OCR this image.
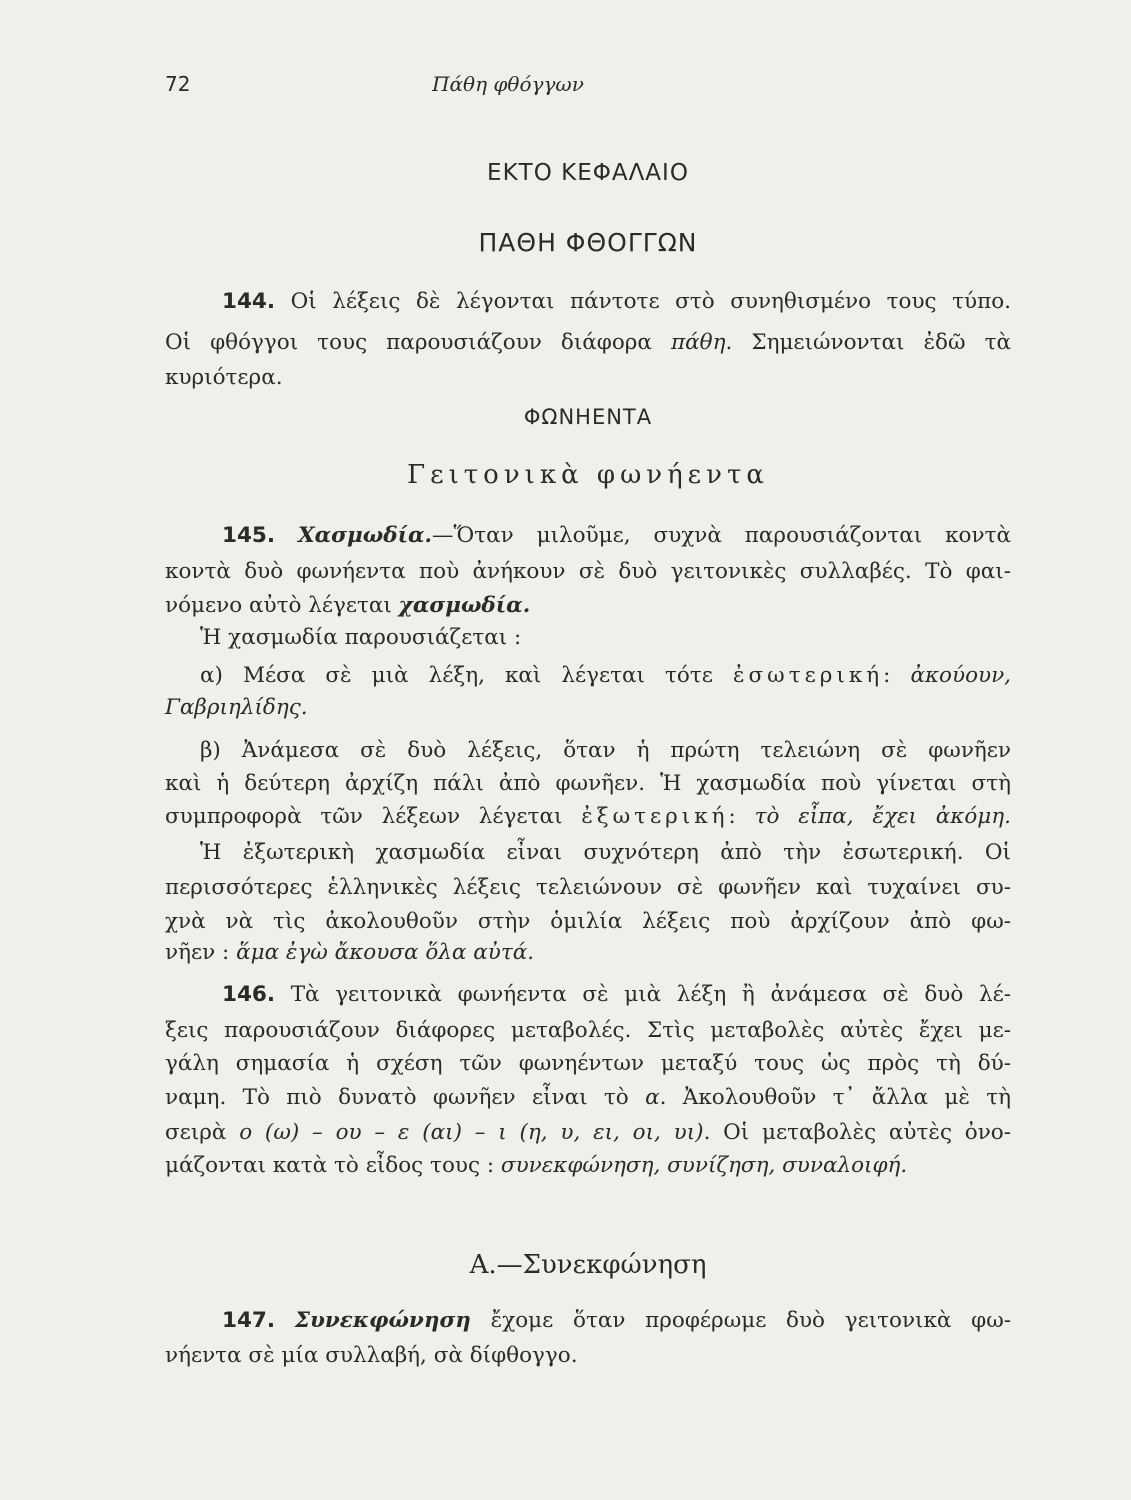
72	Πάθη φθόγγων
ΕΚΤΟ ΚΕΦΑΛΑΙΟ
ΠΑΘΗ ΦΘΟΓΓΩΝ
144. Οἱ λέξεις δὲ λέγονται πάντοτε στὸ συνηθισμένο τους τύπο.
Οἱ φθόγγοι τους παρουσιάζουν διάφορα πάθη. Σημειώνονται ἐδῶ τὰ
κυριότερα.
ΦΩΝΗΕΝΤΑ
Γειτονικὰ φωνήεντα
145. Χασμωδία.—Ὅταν μιλοῦμε, συχνὰ παρουσιάζονται κοντὰ
κοντὰ δυὸ φωνήεντα ποὺ ἀνήκουν σὲ δυὸ γειτονικὲς συλλαβές. Τὸ φαι-
νόμενο αὐτὸ λέγεται χασμωδία.
Ἡ χασμωδία παρουσιάζεται :
α) Μέσα σὲ μιὰ λέξη, καὶ λέγεται τότε ἐσωτερική: ἀκούουν,
Γαβριηλίδης.
β) Ἀνάμεσα σὲ δυὸ λέξεις, ὅταν ἡ πρώτη τελειώνη σὲ φωνῆεν
καὶ ἡ δεύτερη ἀρχίζη πάλι ἀπὸ φωνῆεν. Ἡ χασμωδία ποὺ γίνεται στὴ
συμπροφορὰ τῶν λέξεων λέγεται ἐξωτερική: τὸ εἶπα, ἔχει ἀκόμη.
Ἡ ἐξωτερικὴ χασμωδία εἶναι συχνότερη ἀπὸ τὴν ἐσωτερική. Οἱ
περισσότερες ἑλληνικὲς λέξεις τελειώνουν σὲ φωνῆεν καὶ τυχαίνει συ-
χνὰ νὰ τὶς ἀκολουθοῦν στὴν ὁμιλία λέξεις ποὺ ἀρχίζουν ἀπὸ φω-
νῆεν : ἅμα ἐγὼ ἄκουσα ὅλα αὐτά.
146. Τὰ γειτονικὰ φωνήεντα σὲ μιὰ λέξη ἢ ἀνάμεσα σὲ δυὸ λέ-
ξεις παρουσιάζουν διάφορες μεταβολές. Στὶς μεταβολὲς αὐτὲς ἔχει με-
γάλη σημασία ἡ σχέση τῶν φωνηέντων μεταξύ τους ὡς πρὸς τὴ δύ-
ναμη. Τὸ πιὸ δυνατὸ φωνῆεν εἶναι τὸ α. Ἀκολουθοῦν τ᾽ ἄλλα μὲ τὴ
σειρὰ ο (ω) – ου – ε (αι) – ι (η, υ, ει, οι, υι). Οἱ μεταβολὲς αὐτὲς ὀνο-
μάζονται κατὰ τὸ εἶδος τους : συνεκφώνηση, συνίζηση, συναλοιφή.
Α.—Συνεκφώνηση
147. Συνεκφώνηση ἔχομε ὅταν προφέρωμε δυὸ γειτονικὰ φω-
νήεντα σὲ μία συλλαβή, σὰ δίφθογγο.
